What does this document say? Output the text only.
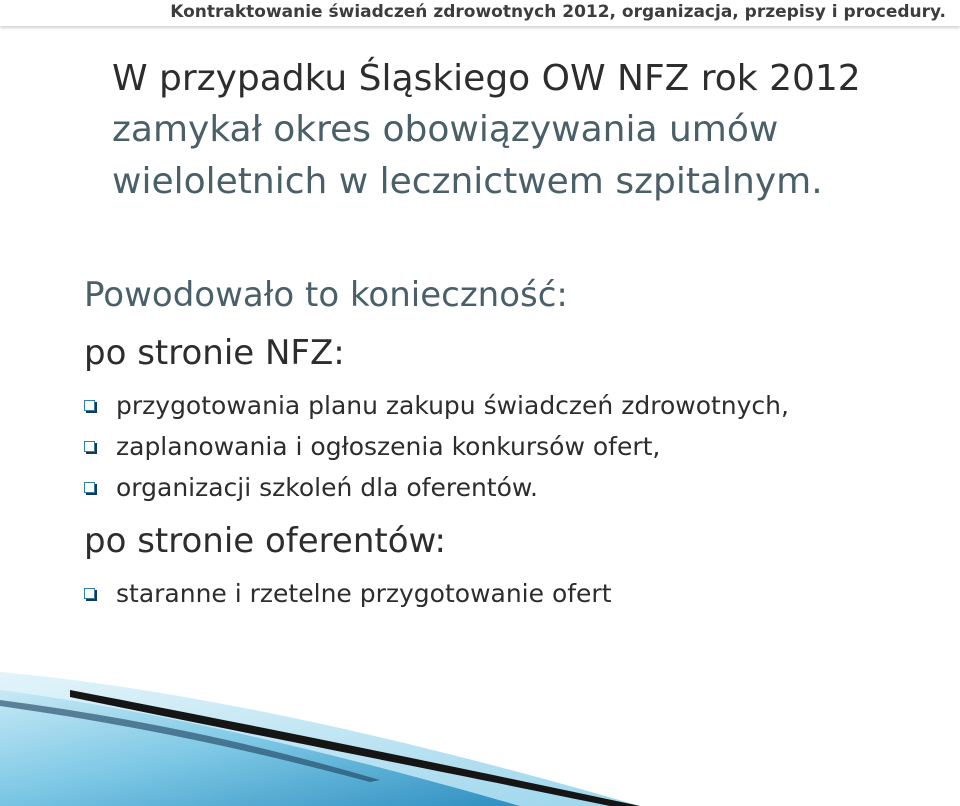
Kontraktowanie świadczeń zdrowotnych 2012, organizacja, przepisy i procedury.
W przypadku Śląskiego OW NFZ rok 2012
zamykał okres obowiązywania umów
wieloletnich w lecznictwem szpitalnym.
Powodowało to konieczność:
po stronie NFZ:
przygotowania planu zakupu świadczeń zdrowotnych,
zaplanowania i ogłoszenia konkursów ofert,
organizacji szkoleń dla oferentów.
po stronie oferentów:
staranne i rzetelne przygotowanie ofert
